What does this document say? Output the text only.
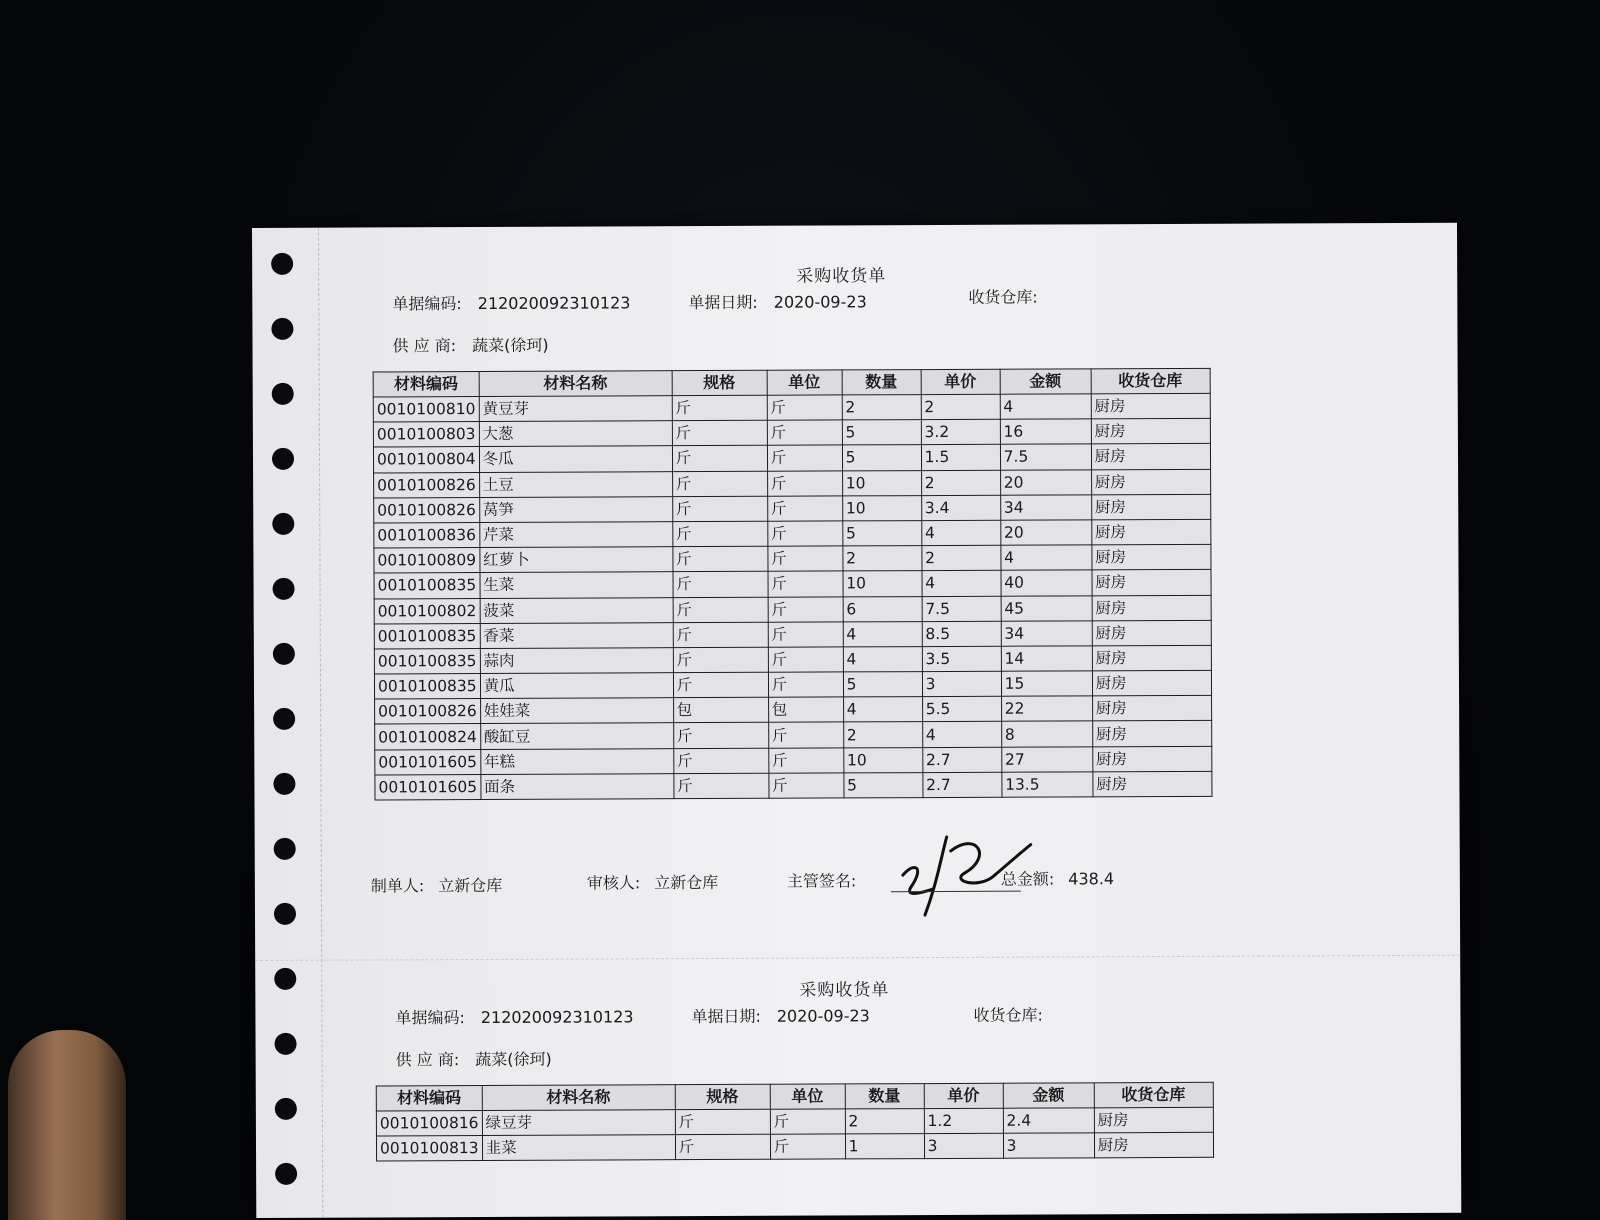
采购收货单
单据编码: 212020092310123	单据日期: 2020-09-23	收货仓库:
供 应 商: 蔬菜(徐珂)
材料编码	材料名称	规格	单位	数量	单价	金额	收货仓库
0010100810	黄豆芽	斤	斤	2	2	4	厨房
0010100803	大葱	斤	斤	5	3.2	16	厨房
0010100804	冬瓜	斤	斤	5	1.5	7.5	厨房
0010100826	土豆	斤	斤	10	2	20	厨房
0010100826	莴笋	斤	斤	10	3.4	34	厨房
0010100836	芹菜	斤	斤	5	4	20	厨房
0010100809	红萝卜	斤	斤	2	2	4	厨房
0010100835	生菜	斤	斤	10	4	40	厨房
0010100802	菠菜	斤	斤	6	7.5	45	厨房
0010100835	香菜	斤	斤	4	8.5	34	厨房
0010100835	蒜肉	斤	斤	4	3.5	14	厨房
0010100835	黄瓜	斤	斤	5	3	15	厨房
0010100826	娃娃菜	包	包	4	5.5	22	厨房
0010100824	酸缸豆	斤	斤	2	4	8	厨房
0010101605	年糕	斤	斤	10	2.7	27	厨房
0010101605	面条	斤	斤	5	2.7	13.5	厨房
制单人: 立新仓库	审核人: 立新仓库	主管签名:	总金额: 438.4
采购收货单
单据编码: 212020092310123	单据日期: 2020-09-23	收货仓库:
供 应 商: 蔬菜(徐珂)
材料编码	材料名称	规格	单位	数量	单价	金额	收货仓库
0010100816	绿豆芽	斤	斤	2	1.2	2.4	厨房
0010100813	韭菜	斤	斤	1	3	3	厨房
